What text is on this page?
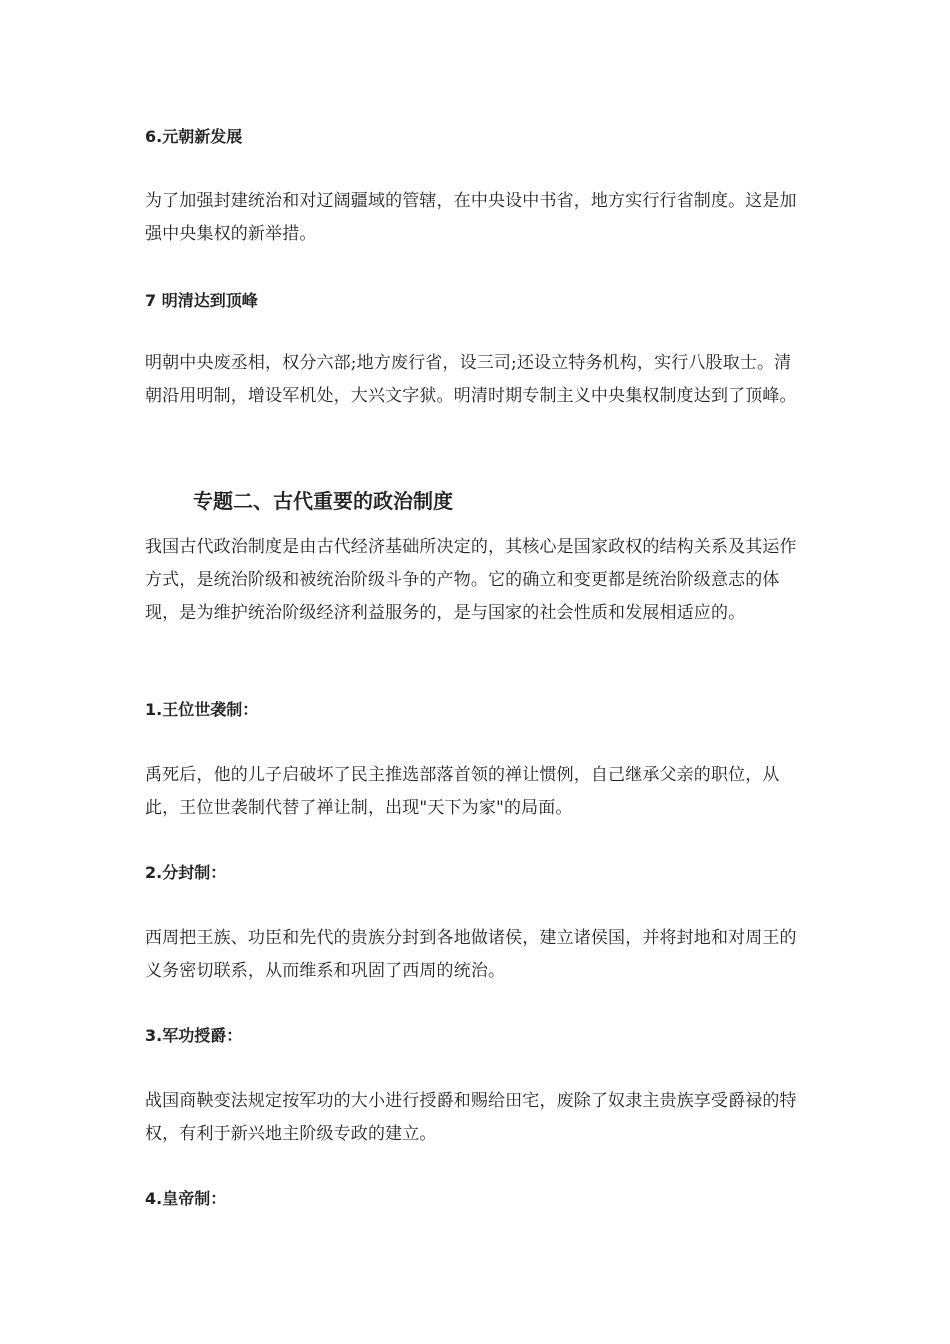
6.元朝新发展
为了加强封建统治和对辽阔疆域的管辖，在中央设中书省，地方实行行省制度。这是加强中央集权的新举措。
7 明清达到顶峰
明朝中央废丞相，权分六部;地方废行省，设三司;还设立特务机构，实行八股取士。清朝沿用明制，增设军机处，大兴文字狱。明清时期专制主义中央集权制度达到了顶峰。
专题二、古代重要的政治制度
我国古代政治制度是由古代经济基础所决定的，其核心是国家政权的结构关系及其运作方式，是统治阶级和被统治阶级斗争的产物。它的确立和变更都是统治阶级意志的体现，是为维护统治阶级经济利益服务的，是与国家的社会性质和发展相适应的。
1.王位世袭制：
禹死后，他的儿子启破坏了民主推选部落首领的禅让惯例，自己继承父亲的职位，从此，王位世袭制代替了禅让制，出现"天下为家"的局面。
2.分封制：
西周把王族、功臣和先代的贵族分封到各地做诸侯，建立诸侯国，并将封地和对周王的义务密切联系，从而维系和巩固了西周的统治。
3.军功授爵：
战国商鞅变法规定按军功的大小进行授爵和赐给田宅，废除了奴隶主贵族享受爵禄的特权，有利于新兴地主阶级专政的建立。
4.皇帝制：
